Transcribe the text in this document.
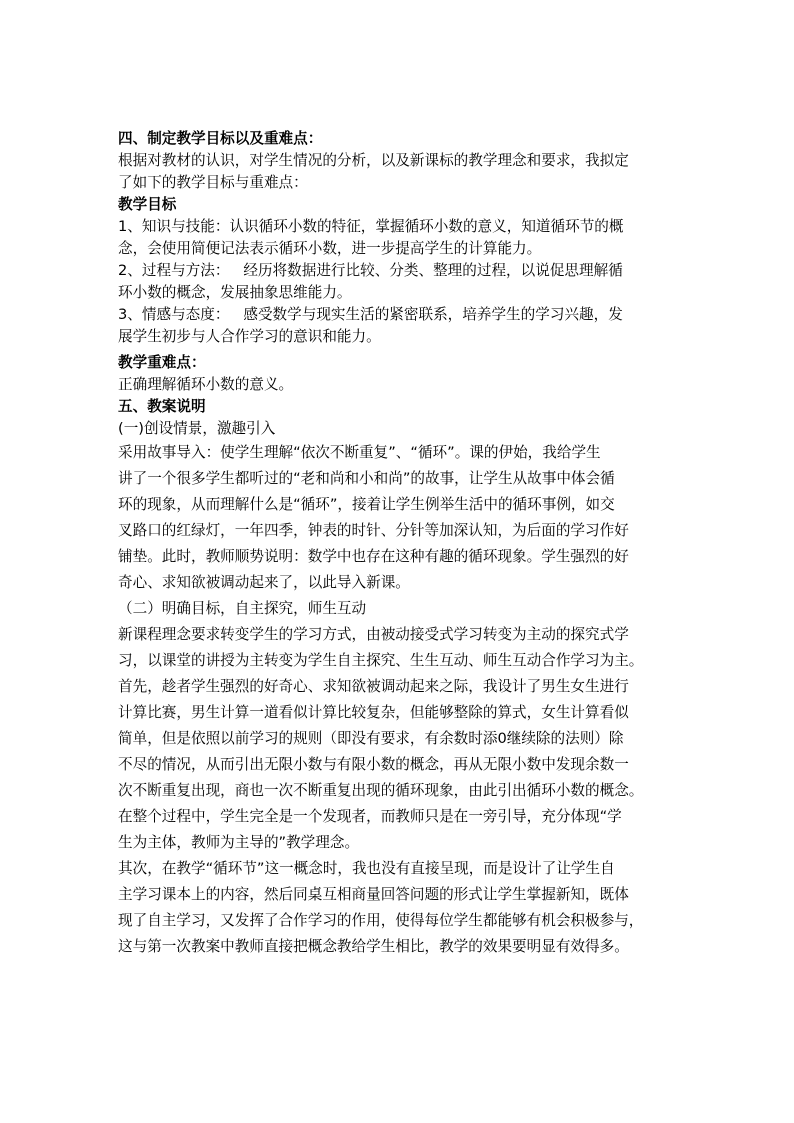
四、制定教学目标以及重难点：

根据对教材的认识，对学生情况的分析，以及新课标的教学理念和要求，我拟定

了如下的教学目标与重难点：

教学目标

1、知识与技能：认识循环小数的特征，掌握循环小数的意义，知道循环节的概

念，会使用简便记法表示循环小数，进一步提高学生的计算能力。

2、过程与方法：   经历将数据进行比较、分类、整理的过程，以说促思理解循

环小数的概念，发展抽象思维能力。

3、情感与态度：   感受数学与现实生活的紧密联系，培养学生的学习兴趣，发

展学生初步与人合作学习的意识和能力。

教学重难点：

正确理解循环小数的意义。

五、教案说明

(一)创设情景，激趣引入

采用故事导入：使学生理解“依次不断重复”、“循环”。课的伊始，我给学生

讲了一个很多学生都听过的“老和尚和小和尚”的故事，让学生从故事中体会循

环的现象，从而理解什么是“循环”，接着让学生例举生活中的循环事例，如交

叉路口的红绿灯，一年四季，钟表的时针、分针等加深认知，为后面的学习作好

铺垫。此时，教师顺势说明：数学中也存在这种有趣的循环现象。学生强烈的好

奇心、求知欲被调动起来了，以此导入新课。

（二）明确目标，自主探究，师生互动

新课程理念要求转变学生的学习方式，由被动接受式学习转变为主动的探究式学

习，以课堂的讲授为主转变为学生自主探究、生生互动、师生互动合作学习为主。

首先，趁者学生强烈的好奇心、求知欲被调动起来之际，我设计了男生女生进行

计算比赛，男生计算一道看似计算比较复杂，但能够整除的算式，女生计算看似

简单，但是依照以前学习的规则（即没有要求，有余数时添0继续除的法则）除

不尽的情况，从而引出无限小数与有限小数的概念，再从无限小数中发现余数一

次不断重复出现，商也一次不断重复出现的循环现象，由此引出循环小数的概念。

在整个过程中，学生完全是一个发现者，而教师只是在一旁引导，充分体现“学

生为主体，教师为主导的”教学理念。

其次，在教学“循环节”这一概念时，我也没有直接呈现，而是设计了让学生自

主学习课本上的内容，然后同桌互相商量回答问题的形式让学生掌握新知，既体

现了自主学习，又发挥了合作学习的作用，使得每位学生都能够有机会积极参与，

这与第一次教案中教师直接把概念教给学生相比，教学的效果要明显有效得多。
